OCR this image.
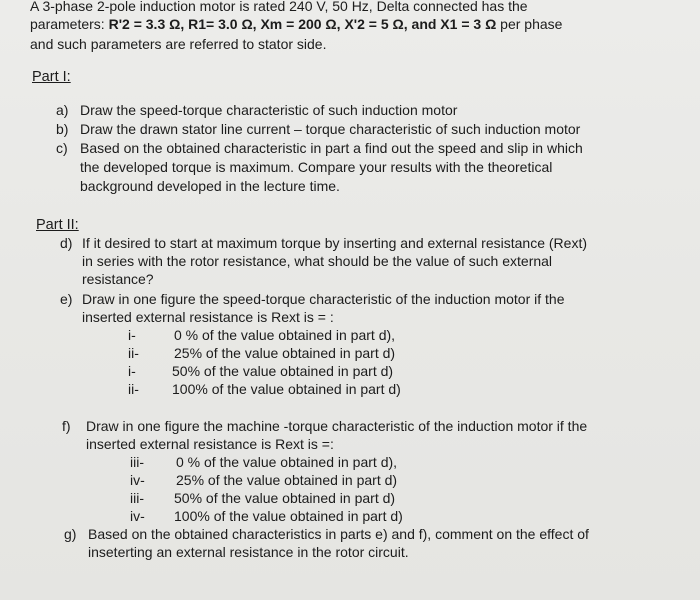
A 3-phase 2-pole induction motor is rated 240 V, 50 Hz, Delta connected has the
parameters: R'2 = 3.3 Ω, R1= 3.0 Ω, Xm = 200 Ω, X'2 = 5 Ω, and X1 = 3 Ω per phase
and such parameters are referred to stator side.
Part I:
a) Draw the speed-torque characteristic of such induction motor
b) Draw the drawn stator line current – torque characteristic of such induction motor
c) Based on the obtained characteristic in part a find out the speed and slip in which
the developed torque is maximum. Compare your results with the theoretical
background developed in the lecture time.
Part II:
d) If it desired to start at maximum torque by inserting and external resistance (Rext)
in series with the rotor resistance, what should be the value of such external
resistance?
e) Draw in one figure the speed-torque characteristic of the induction motor if the
inserted external resistance is Rext is = :
i-	0 % of the value obtained in part d),
ii-	25% of the value obtained in part d)
i-	50% of the value obtained in part d)
ii- 100% of the value obtained in part d)
f) Draw in one figure the machine -torque characteristic of the induction motor if the
inserted external resistance is Rext is =:
iii- 0 % of the value obtained in part d),
iv- 25% of the value obtained in part d)
iii- 50% of the value obtained in part d)
iv- 100% of the value obtained in part d)
g) Based on the obtained characteristics in parts e) and f), comment on the effect of
inseterting an external resistance in the rotor circuit.
